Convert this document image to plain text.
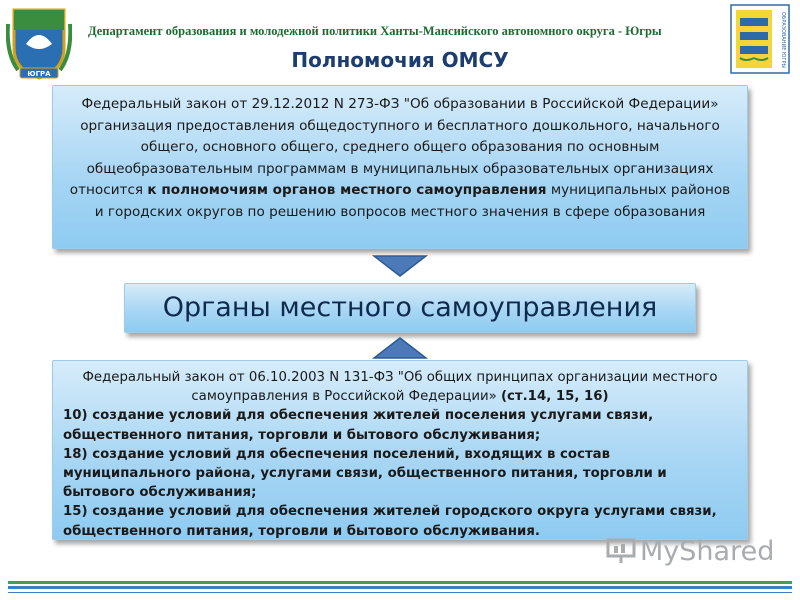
ЮГРА
Департамент образования и молодежной политики Ханты-Мансийского автономного округа - Югры
Полномочия ОМСУ	ОБРАЗОВАНИЕ ЮГРЫ
Федеральный закон от 29.12.2012 N 273-ФЗ "Об образовании в Российской Федерации» организация предоставления общедоступного и бесплатного дошкольного, начального общего, основного общего, среднего общего образования по основным общеобразовательным программам в муниципальных образовательных организациях относится к полномочиям органов местного самоуправления муниципальных районов и городских округов по решению вопросов местного значения в сфере образования
Органы местного самоуправления
Федеральный закон от 06.10.2003 N 131-ФЗ "Об общих принципах организации местного самоуправления в Российской Федерации» (ст.14, 15, 16)
10) создание условий для обеспечения жителей поселения услугами связи, общественного питания, торговли и бытового обслуживания;
18) создание условий для обеспечения поселений, входящих в состав муниципального района, услугами связи, общественного питания, торговли и бытового обслуживания;
15) создание условий для обеспечения жителей городского округа услугами связи, общественного питания, торговли и бытового обслуживания.
MyShared
